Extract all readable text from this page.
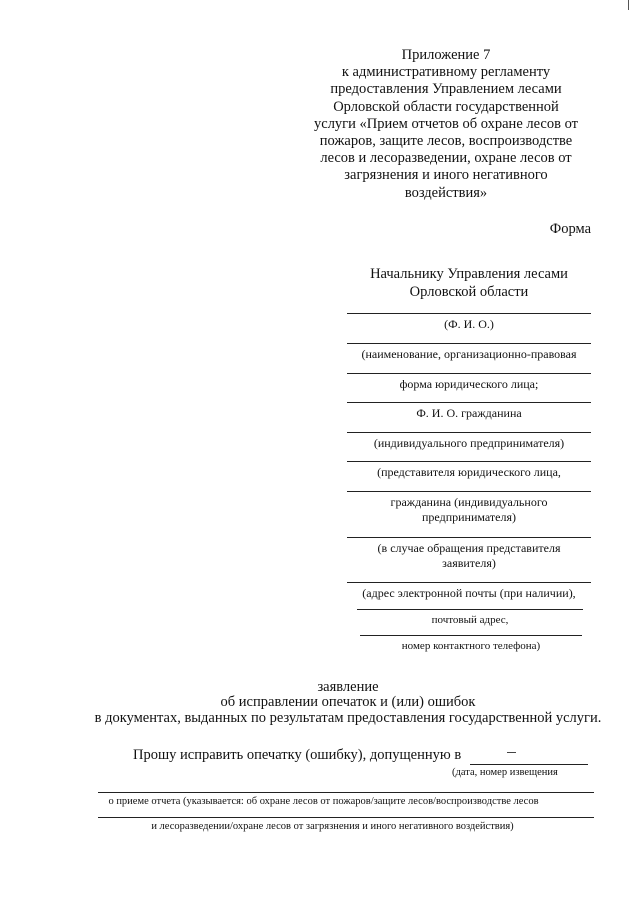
Приложение 7
к административному регламенту
предоставления Управлением лесами
Орловской области государственной
услуги «Прием отчетов об охране лесов от
пожаров, защите лесов, воспроизводстве
лесов и лесоразведении, охране лесов от
загрязнения и иного негативного
воздействия»
Форма
Начальнику Управления лесами
Орловской области
(Ф. И. О.)
(наименование, организационно-правовая
форма юридического лица;
Ф. И. О. гражданина
(индивидуального предпринимателя)
(представителя юридического лица,
гражданина (индивидуального предпринимателя)
(в случае обращения представителя заявителя)
(адрес электронной почты (при наличии),
почтовый адрес,
номер контактного телефона)
заявление
об исправлении опечаток и (или) ошибок
в документах, выданных по результатам предоставления государственной услуги.
Прошу исправить опечатку (ошибку), допущенную в
(дата, номер извещения
о приеме отчета (указывается: об охране лесов от пожаров/защите лесов/воспроизводстве лесов
и лесоразведении/охране лесов от загрязнения и иного негативного воздействия)
